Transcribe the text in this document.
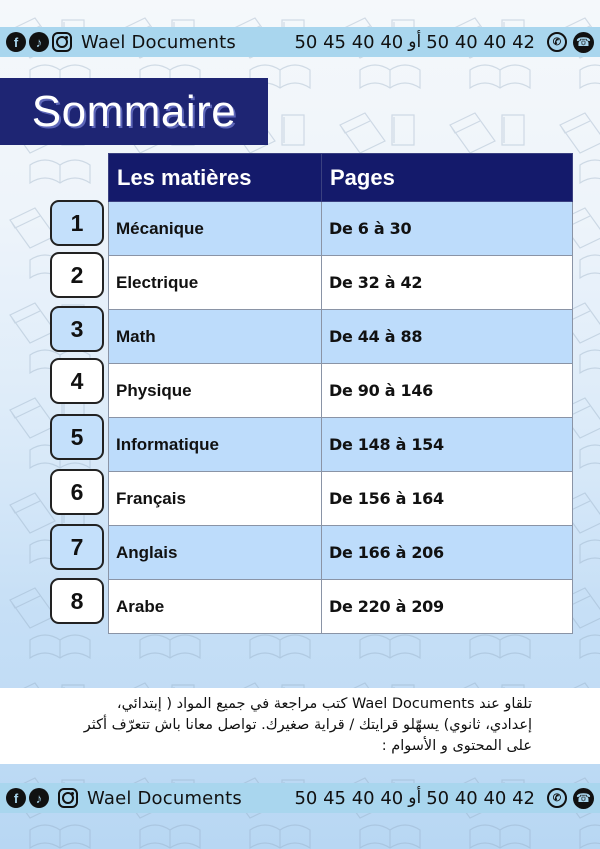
f	♪	Wael Documents	50 45 40 40 أو 50 40 40 42	✆	☎
Sommaire
1
2
3
4
5
6
7
8
Les matières	Pages
Mécanique	De 6 à 30
Electrique	De 32 à 42
Math	De 44 à 88
Physique	De 90 à 146
Informatique	De 148 à 154
Français	De 156 à 164
Anglais	De 166 à 206
Arabe	De 220 à 209

تلقاو عند Wael Documents كتب مراجعة في جميع المواد ( إبتدائي، إعدادي، ثانوي) يسهّلو قرايتك / قراية صغيرك. تواصل معانا باش تتعرّف أكثر على المحتوى و الأسوام :

f	♪	Wael Documents	50 45 40 40 أو 50 40 40 42	✆	☎
